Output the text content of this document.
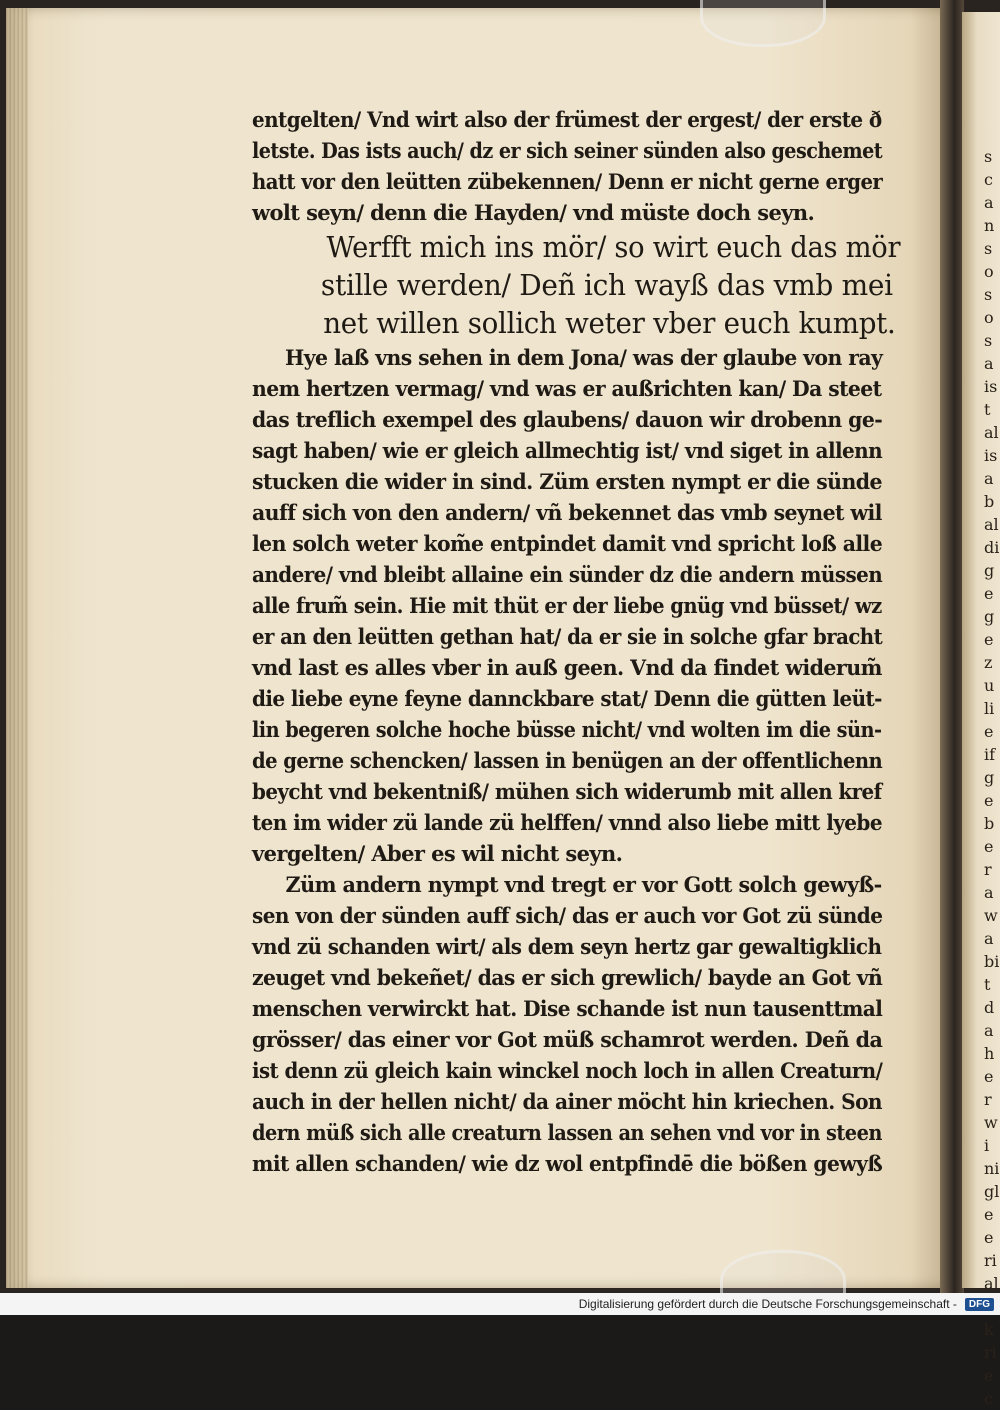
sc an so so sa ist al is ab al di ge ge zu lie if ge be ra wa bit da her wi ni gle eri al kriec
entgelten/ Vnd wirt also der frümest der ergest/ der erste ð
letste. Das ists auch/ dz er sich seiner sünden also geschemet
hatt vor den leütten zübekennen/ Denn er nicht gerne erger
wolt seyn/ denn die Hayden/ vnd müste doch seyn.
Werfft mich ins mör/ so wirt euch das mör
stille werden/ Deñ ich wayß das vmb mei
net willen sollich weter vber euch kumpt.
Hye laß vns sehen in dem Jona/ was der glaube von ray
nem hertzen vermag/ vnd was er außrichten kan/ Da steet
das treflich exempel des glaubens/ dauon wir drobenn ge-
sagt haben/ wie er gleich allmechtig ist/ vnd siget in allenn
stucken die wider in sind. Züm ersten nympt er die sünde
auff sich von den andern/ vñ bekennet das vmb seynet wil
len solch weter kom̃e entpindet damit vnd spricht loß alle
andere/ vnd bleibt allaine ein sünder dz die andern müssen
alle frum̃ sein. Hie mit thüt er der liebe gnüg vnd büsset/ wz
er an den leütten gethan hat/ da er sie in solche gfar bracht
vnd last es alles vber in auß geen. Vnd da findet widerum̃
die liebe eyne feyne dannckbare stat/ Denn die gütten leüt-
lin begeren solche hoche büsse nicht/ vnd wolten im die sün-
de gerne schencken/ lassen in benügen an der offentlichenn
beycht vnd bekentniß/ mühen sich widerumb mit allen kref
ten im wider zü lande zü helffen/ vnnd also liebe mitt lyebe
vergelten/ Aber es wil nicht seyn.
Züm andern nympt vnd tregt er vor Gott solch gewyß-
sen von der sünden auff sich/ das er auch vor Got zü sünde
vnd zü schanden wirt/ als dem seyn hertz gar gewaltigklich
zeuget vnd bekeñet/ das er sich grewlich/ bayde an Got vñ
menschen verwirckt hat. Dise schande ist nun tausenttmal
grösser/ das einer vor Got müß schamrot werden. Deñ da
ist denn zü gleich kain winckel noch loch in allen Creaturn/
auch in der hellen nicht/ da ainer möcht hin kriechen. Son
dern müß sich alle creaturn lassen an sehen vnd vor in steen
mit allen schanden/ wie dz wol entpfindē die bößen gewyß
Digitalisierung gefördert durch die Deutsche Forschungsgemeinschaft -	DFG
